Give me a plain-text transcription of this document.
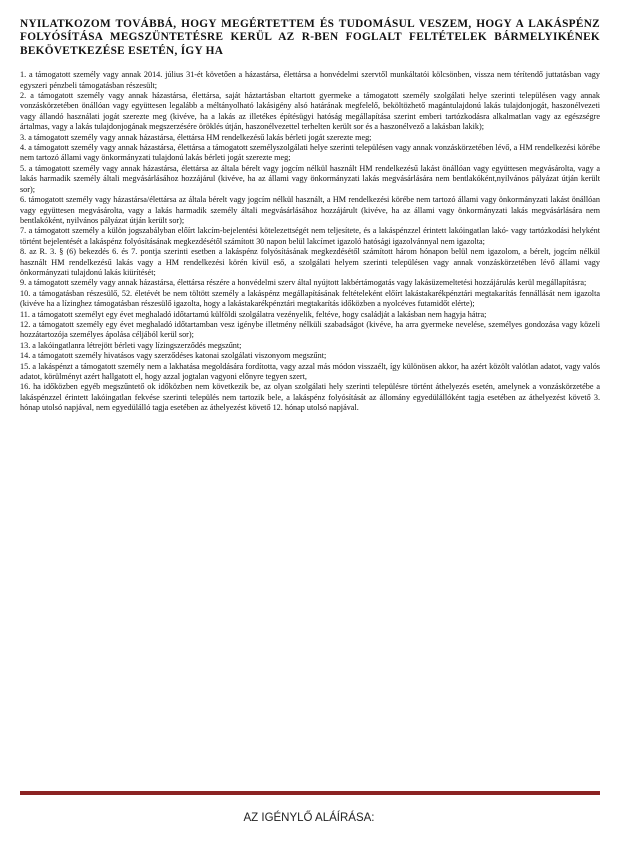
NYILATKOZOM TOVÁBBÁ, HOGY MEGÉRTETTEM ÉS TUDOMÁSUL VESZEM, HOGY A LAKÁSPÉNZ FOLYÓSÍTÁSA MEGSZÜNTETÉSRE KERÜL AZ R-BEN FOGLALT FELTÉTELEK BÁRMELYIKÉNEK BEKÖVETKEZÉSE ESETÉN, ÍGY HA

1. a támogatott személy vagy annak 2014. július 31-ét követően a házastársa, élettársa a honvédelmi szervtől munkáltatói kölcsönben, vissza nem térítendő juttatásban vagy egyszeri pénzbeli támogatásban részesült;

2. a támogatott személy vagy annak házastársa, élettársa, saját háztartásban eltartott gyermeke a támogatott személy szolgálati helye szerinti településen vagy annak vonzáskörzetében önállóan vagy együttesen legalább a méltányolható lakásigény alsó határának megfelelő, beköltözhető magántulajdonú lakás tulajdonjogát, haszonélvezeti vagy állandó használati jogát szerezte meg (kivéve, ha a lakás az illetékes építésügyi hatóság megállapítása szerint emberi tartózkodásra alkalmatlan vagy az egészségre ártalmas, vagy a lakás tulajdonjogának megszerzésére öröklés útján, haszonélvezettel terhelten került sor és a haszonélvező a lakásban lakik);

3. a támogatott személy vagy annak házastársa, élettársa HM rendelkezésű lakás bérleti jogát szerezte meg;

4. a támogatott személy vagy annak házastársa, élettársa a támogatott személyszolgálati helye szerinti településen vagy annak vonzáskörzetében lévő, a HM rendelkezési körébe nem tartozó állami vagy önkormányzati tulajdonú lakás bérleti jogát szerezte meg;

5. a támogatott személy vagy annak házastársa, élettársa az általa bérelt vagy jogcím nélkül használt HM rendelkezésű lakást önállóan vagy együttesen megvásárolta, vagy a lakás harmadik személy általi megvásárlásához hozzájárul (kivéve, ha az állami vagy önkormányzati lakás megvásárlására nem bentlakóként,nyilvános pályázat útján került sor);

6. támogatott személy vagy házastársa/élettársa az általa bérelt vagy jogcím nélkül használt, a HM rendelkezési körébe nem tartozó állami vagy önkormányzati lakást önállóan vagy együttesen megvásárolta, vagy a lakás harmadik személy általi megvásárlásához hozzájárult (kivéve, ha az állami vagy önkormányzati lakás megvásárlására nem bentlakóként, nyilvános pályázat útján került sor);

7. a támogatott személy a külön jogszabályban előírt lakcím-bejelentési kötelezettségét nem teljesítete, és a lakáspénzzel érintett lakóingatlan lakó- vagy tartózkodási helyként történt bejelentését a lakáspénz folyósításának megkezdésétől számított 30 napon belül lakcímet igazoló hatósági igazolvánnyal nem igazolta;

8. az R. 3. § (6) bekezdés 6. és 7. pontja szerinti esetben a lakáspénz folyósításának megkezdésétől számított három hónapon belül nem igazolom, a bérelt, jogcím nélkül használt HM rendelkezésű lakás vagy a HM rendelkezési körén kívül eső, a szolgálati helyem szerinti településen vagy annak vonzáskörzetében lévő állami vagy önkormányzati tulajdonú lakás kiürítését;

9. a támogatott személy vagy annak házastársa, élettársa részére a honvédelmi szerv által nyújtott lakbértámogatás vagy lakásüzemeltetési hozzájárulás kerül megállapításra;

10. a támogatásban részesülő, 52. életévét be nem töltött személy a lakáspénz megállapításának feltételeként előírt lakástakarékpénztári megtakarítás fennállását nem igazolta (kivéve ha a lízinghez támogatásban részesülő igazolta, hogy a lakástakarékpénztári megtakarítás időközben a nyolcéves futamidőt elérte);

11. a támogatott személyt egy évet meghaladó időtartamú külföldi szolgálatra vezényelik, feltéve, hogy családját a lakásban nem hagyja hátra;

12. a támogatott személy egy évet meghaladó időtartamban vesz igénybe illetmény nélküli szabadságot (kivéve, ha arra gyermeke nevelése, személyes gondozása vagy közeli hozzátartozója személyes ápolása céljából kerül sor);

13. a lakóingatlanra létrejött bérleti vagy lízingszerződés megszűnt;

14. a támogatott személy hivatásos vagy szerződéses katonai szolgálati viszonyom megszűnt;

15. a lakáspénzt a támogatott személy nem a lakhatása megoldására fordította, vagy azzal más módon visszaélt, így különösen akkor, ha azért közölt valótlan adatot, vagy valós adatot, körülményt azért hallgatott el, hogy azzal jogtalan vagyoni előnyre tegyen szert,

16. ha időközben egyéb megszűntető ok időközben nem következik be, az olyan szolgálati hely szerinti településre történt áthelyezés esetén, amelynek a vonzáskörzetébe a lakáspénzzel érintett lakóingatlan fekvése szerinti település nem tartozik bele, a lakáspénz folyósítását az állomány egyedülállóként tagja esetében az áthelyezést követő 3. hónap utolsó napjával, nem egyedülálló tagja esetében az áthelyezést követő 12. hónap utolsó napjával.

AZ IGÉNYLŐ ALÁÍRÁSA:
